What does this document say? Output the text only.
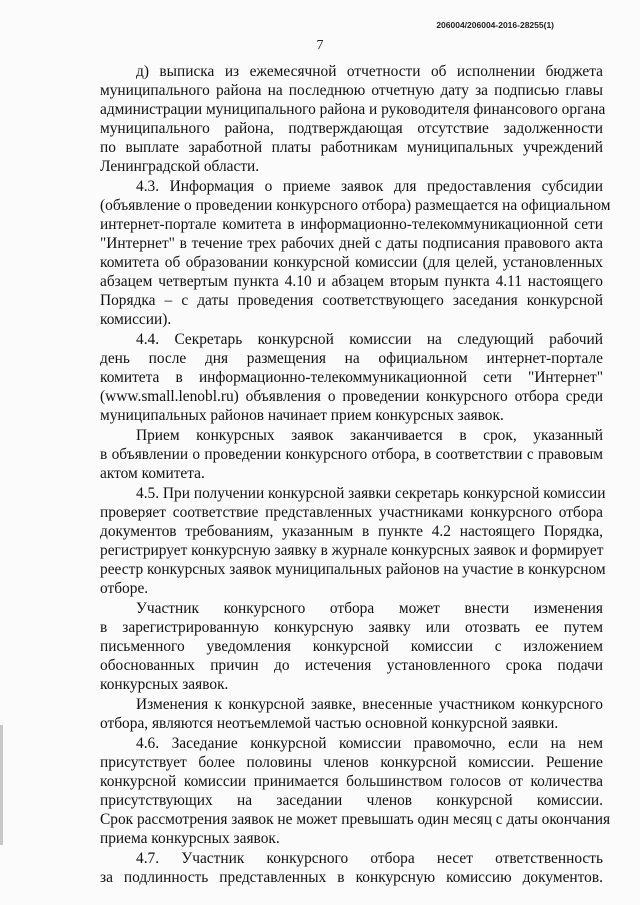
206004/206004-2016-28255(1)
7

д) выписка из ежемесячной отчетности об исполнении бюджета
муниципального района на последнюю отчетную дату за подписью главы
администрации муниципального района и руководителя финансового органа
муниципального района, подтверждающая отсутствие задолженности
по выплате заработной платы работникам муниципальных учреждений
Ленинградской области.

4.3. Информация о приеме заявок для предоставления субсидии
(объявление о проведении конкурсного отбора) размещается на официальном
интернет-портале комитета в информационно-телекоммуникационной сети
"Интернет" в течение трех рабочих дней с даты подписания правового акта
комитета об образовании конкурсной комиссии (для целей, установленных
абзацем четвертым пункта 4.10 и абзацем вторым пункта 4.11 настоящего
Порядка – с даты проведения соответствующего заседания конкурсной
комиссии).

4.4. Секретарь конкурсной комиссии на следующий рабочий
день после дня размещения на официальном интернет-портале
комитета в информационно-телекоммуникационной сети "Интернет"
(www.small.lenobl.ru) объявления о проведении конкурсного отбора среди
муниципальных районов начинает прием конкурсных заявок.

Прием конкурсных заявок заканчивается в срок, указанный
в объявлении о проведении конкурсного отбора, в соответствии с правовым
актом комитета.

4.5. При получении конкурсной заявки секретарь конкурсной комиссии
проверяет соответствие представленных участниками конкурсного отбора
документов требованиям, указанным в пункте 4.2 настоящего Порядка,
регистрирует конкурсную заявку в журнале конкурсных заявок и формирует
реестр конкурсных заявок муниципальных районов на участие в конкурсном
отборе.

Участник конкурсного отбора может внести изменения
в зарегистрированную конкурсную заявку или отозвать ее путем
письменного уведомления конкурсной комиссии с изложением
обоснованных причин до истечения установленного срока подачи
конкурсных заявок.

Изменения к конкурсной заявке, внесенные участником конкурсного
отбора, являются неотъемлемой частью основной конкурсной заявки.

4.6. Заседание конкурсной комиссии правомочно, если на нем
присутствует более половины членов конкурсной комиссии. Решение
конкурсной комиссии принимается большинством голосов от количества
присутствующих на заседании членов конкурсной комиссии.
Срок рассмотрения заявок не может превышать один месяц с даты окончания
приема конкурсных заявок.

4.7. Участник конкурсного отбора несет ответственность
за подлинность представленных в конкурсную комиссию документов.
